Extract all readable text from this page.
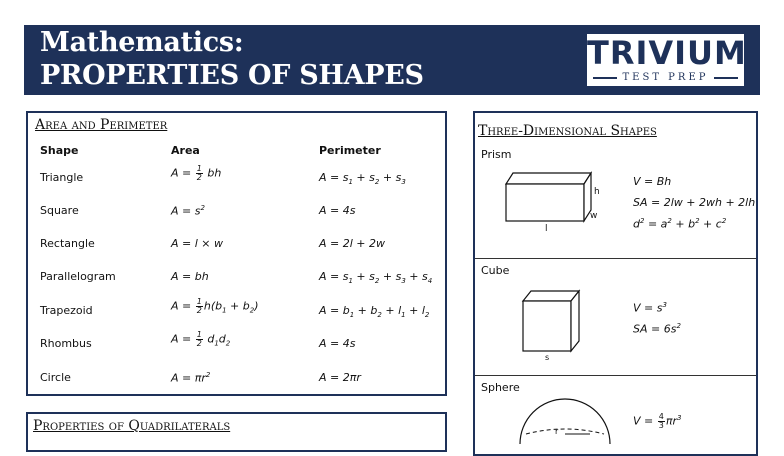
Mathematics:
PROPERTIES OF SHAPES
TRIVIUM
TEST PREP
Area and Perimeter
Shape	Area	Perimeter
Triangle	$A = \frac{1}{2}$ bh	$A = s_1 + s_2 + s_3$
Square	$A = s^2$	A = 4s
Rectangle	A = l × w	A = 2l + 2w
Parallelogram	A = bh	$A = s_1 + s_2 + s_3 + s_4$
Trapezoid	$A = \frac{1}{2} h(b_1 + b_2)$	$A = b_1 + b_2 + l_1 + l_2$
Rhombus	$A = \frac{1}{2} d_1d_2$	A = 4s
Circle	$A = \pi r^2$	A = 2πr
Properties of Quadrilaterals
Three-Dimensional Shapes
Prism
h
w
l
V = Bh
SA = 2lw + 2wh + 2lh
$d^2 = a^2 + b^2 + c^2$
Cube
s
$V = s^3$
SA = $6s^2$
Sphere
r
$V = \frac{4}{3} \pi r^3$
